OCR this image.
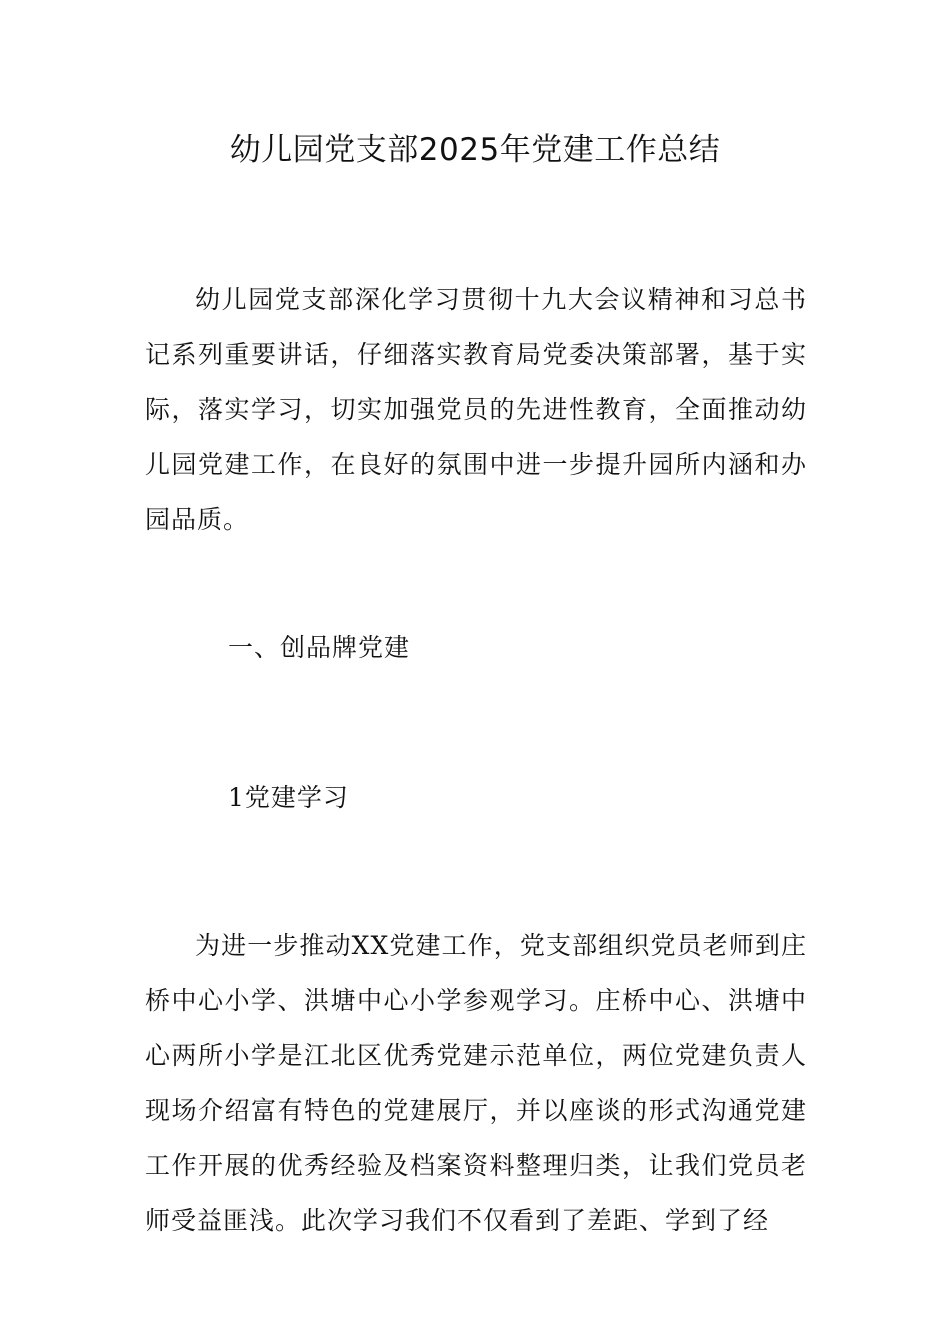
幼儿园党支部2025年党建工作总结

幼儿园党支部深化学习贯彻十九大会议精神和习总书记系列重要讲话，仔细落实教育局党委决策部署，基于实际，落实学习，切实加强党员的先进性教育，全面推动幼儿园党建工作，在良好的氛围中进一步提升园所内涵和办园品质。

一、创品牌党建

1党建学习

为进一步推动XX党建工作，党支部组织党员老师到庄桥中心小学、洪塘中心小学参观学习。庄桥中心、洪塘中心两所小学是江北区优秀党建示范单位，两位党建负责人现场介绍富有特色的党建展厅，并以座谈的形式沟通党建工作开展的优秀经验及档案资料整理归类，让我们党员老师受益匪浅。此次学习我们不仅看到了差距、学到了经
